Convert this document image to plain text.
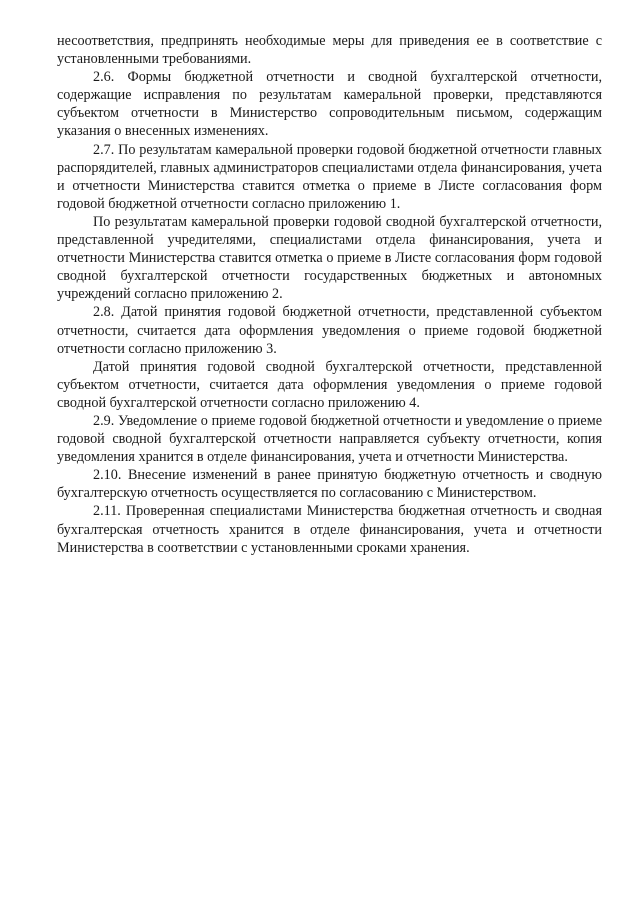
несоответствия, предпринять необходимые меры для приведения ее в соответствие с установленными требованиями.

2.6. Формы бюджетной отчетности и сводной бухгалтерской отчетности, содержащие исправления по результатам камеральной проверки, представляются субъектом отчетности в Министерство сопроводительным письмом, содержащим указания о внесенных изменениях.

2.7. По результатам камеральной проверки годовой бюджетной отчетности главных распорядителей, главных администраторов специалистами отдела финансирования, учета и отчетности Министерства ставится отметка о приеме в Листе согласования форм годовой бюджетной отчетности согласно приложению 1.

По результатам камеральной проверки годовой сводной бухгалтерской отчетности, представленной учредителями, специалистами отдела финансирования, учета и отчетности Министерства ставится отметка о приеме в Листе согласования форм годовой сводной бухгалтерской отчетности государственных бюджетных и автономных учреждений согласно приложению 2.

2.8. Датой принятия годовой бюджетной отчетности, представленной субъектом отчетности, считается дата оформления уведомления о приеме годовой бюджетной отчетности согласно приложению 3.

Датой принятия годовой сводной бухгалтерской отчетности, представленной субъектом отчетности, считается дата оформления уведомления о приеме годовой сводной бухгалтерской отчетности согласно приложению 4.

2.9. Уведомление о приеме годовой бюджетной отчетности и уведомление о приеме годовой сводной бухгалтерской отчетности направляется субъекту отчетности, копия уведомления хранится в отделе финансирования, учета и отчетности Министерства.

2.10. Внесение изменений в ранее принятую бюджетную отчетность и сводную бухгалтерскую отчетность осуществляется по согласованию с Министерством.

2.11. Проверенная специалистами Министерства бюджетная отчетность и сводная бухгалтерская отчетность хранится в отделе финансирования, учета и отчетности Министерства в соответствии с установленными сроками хранения.
